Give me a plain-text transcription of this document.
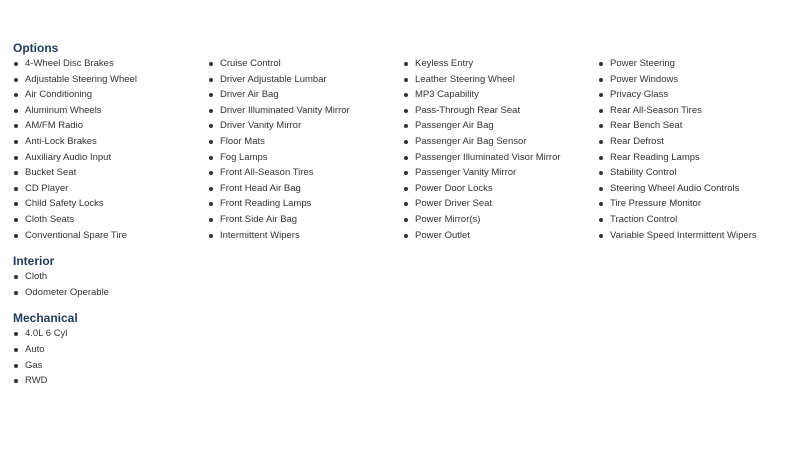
Options
4-Wheel Disc Brakes
Adjustable Steering Wheel
Air Conditioning
Aluminum Wheels
AM/FM Radio
Anti-Lock Brakes
Auxiliary Audio Input
Bucket Seat
CD Player
Child Safety Locks
Cloth Seats
Conventional Spare Tire
Cruise Control
Driver Adjustable Lumbar
Driver Air Bag
Driver Illuminated Vanity Mirror
Driver Vanity Mirror
Floor Mats
Fog Lamps
Front All-Season Tires
Front Head Air Bag
Front Reading Lamps
Front Side Air Bag
Intermittent Wipers
Keyless Entry
Leather Steering Wheel
MP3 Capability
Pass-Through Rear Seat
Passenger Air Bag
Passenger Air Bag Sensor
Passenger Illuminated Visor Mirror
Passenger Vanity Mirror
Power Door Locks
Power Driver Seat
Power Mirror(s)
Power Outlet
Power Steering
Power Windows
Privacy Glass
Rear All-Season Tires
Rear Bench Seat
Rear Defrost
Rear Reading Lamps
Stability Control
Steering Wheel Audio Controls
Tire Pressure Monitor
Traction Control
Variable Speed Intermittent Wipers
Interior
Cloth
Odometer Operable
Mechanical
4.0L 6 Cyl
Auto
Gas
RWD
